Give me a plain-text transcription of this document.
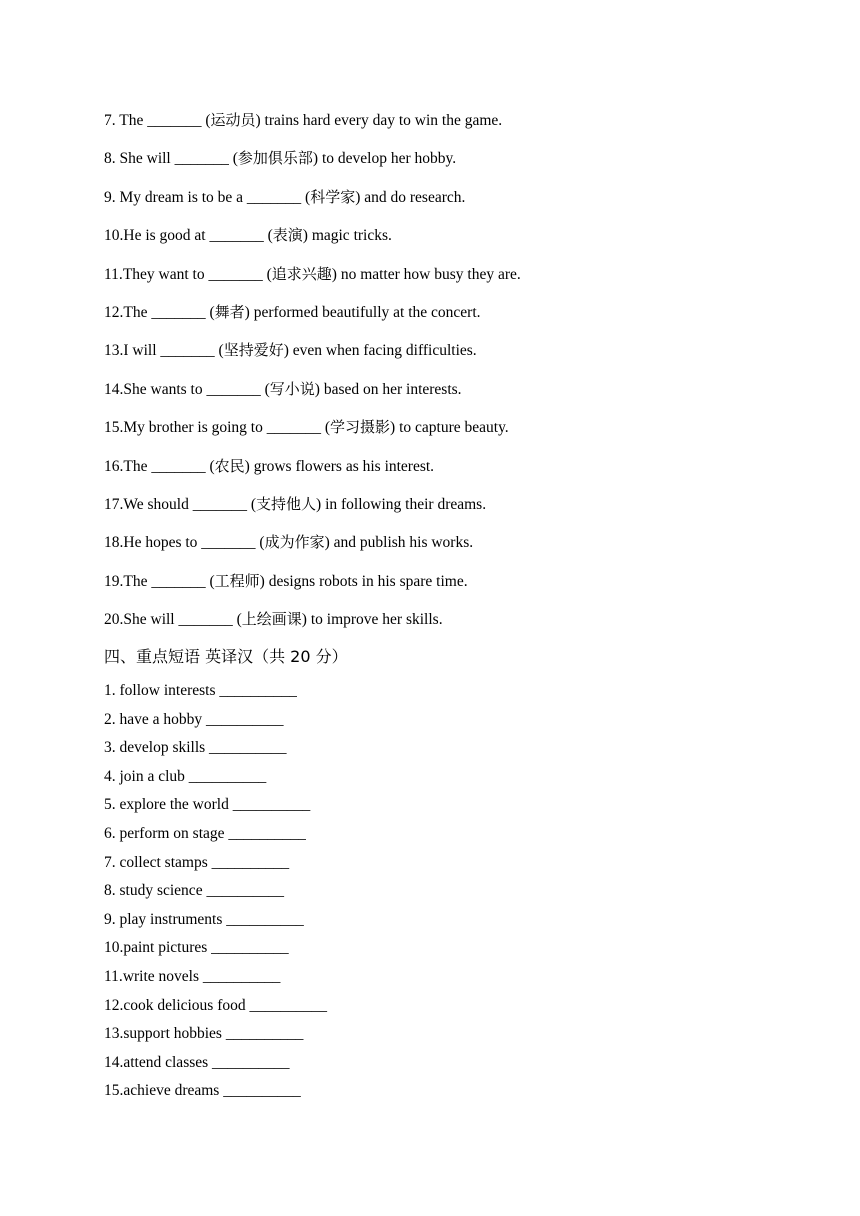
7. The _______ (运动员) trains hard every day to win the game.
8. She will _______ (参加俱乐部) to develop her hobby.
9. My dream is to be a _______ (科学家) and do research.
10.He is good at _______ (表演) magic tricks.
11.They want to _______ (追求兴趣) no matter how busy they are.
12.The _______ (舞者) performed beautifully at the concert.
13.I will _______ (坚持爱好) even when facing difficulties.
14.She wants to _______ (写小说) based on her interests.
15.My brother is going to _______ (学习摄影) to capture beauty.
16.The _______ (农民) grows flowers as his interest.
17.We should _______ (支持他人) in following their dreams.
18.He hopes to _______ (成为作家) and publish his works.
19.The _______ (工程师) designs robots in his spare time.
20.She will _______ (上绘画课) to improve her skills.
四、重点短语 英译汉（共 20 分）
1. follow interests __________
2. have a hobby __________
3. develop skills __________
4. join a club __________
5. explore the world __________
6. perform on stage __________
7. collect stamps __________
8. study science __________
9. play instruments __________
10.paint pictures __________
11.write novels __________
12.cook delicious food __________
13.support hobbies __________
14.attend classes __________
15.achieve dreams __________
